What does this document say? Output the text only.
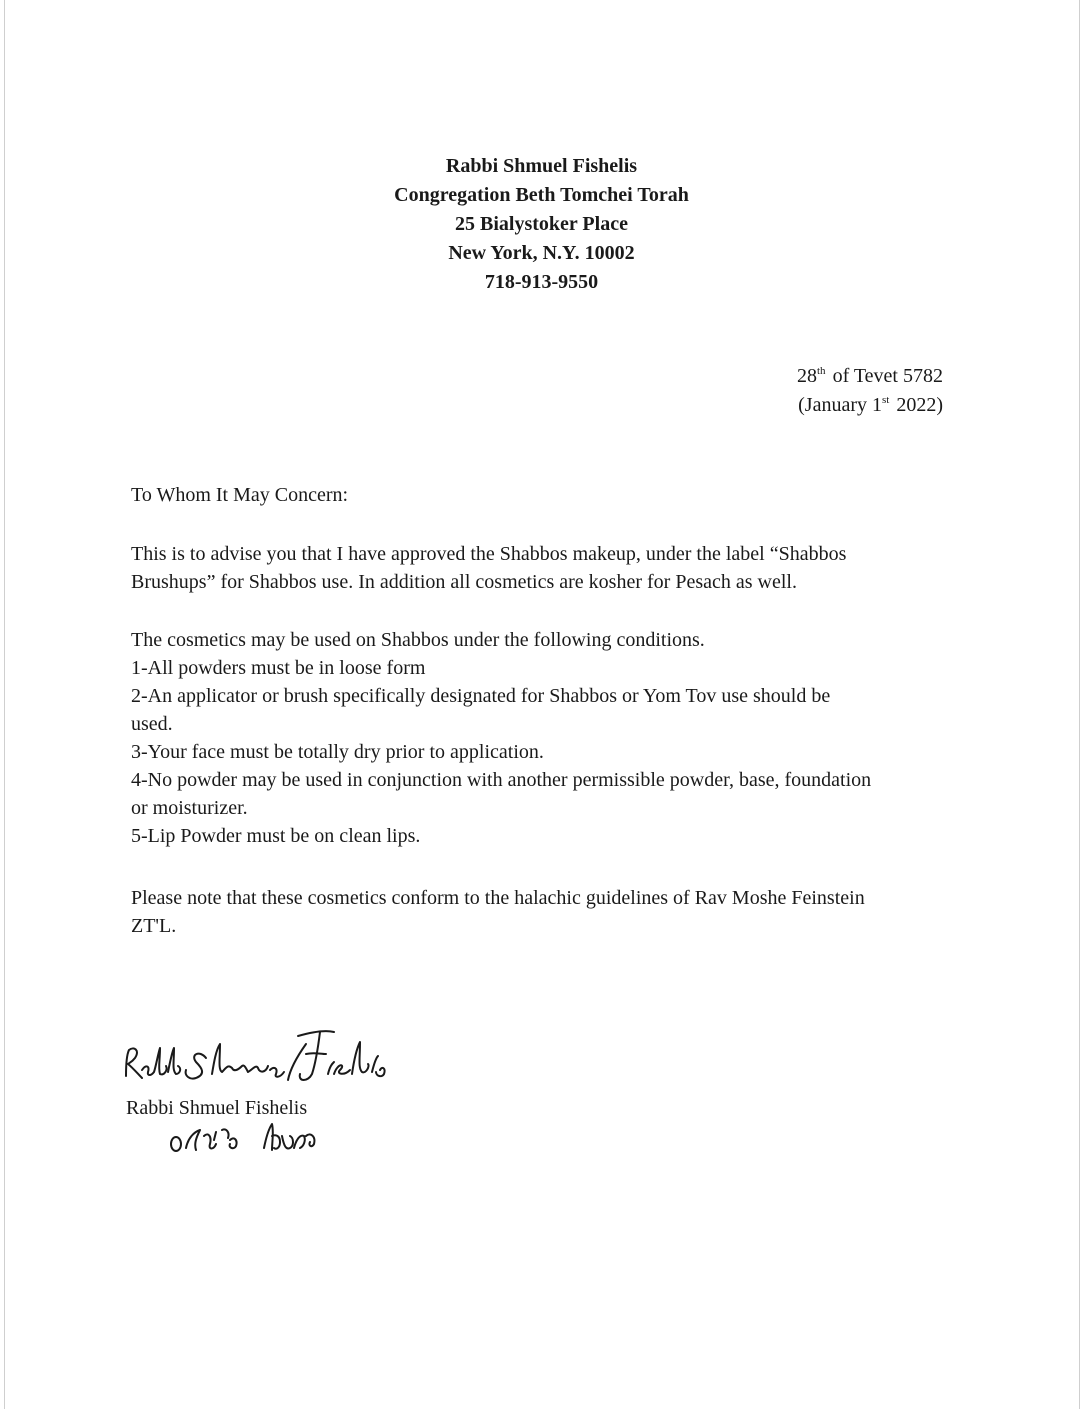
Rabbi Shmuel Fishelis
Congregation Beth Tomchei Torah
25 Bialystoker Place
New York, N.Y. 10002
718-913-9550
28th of Tevet 5782
(January 1st 2022)
To Whom It May Concern:
This is to advise you that I have approved the Shabbos makeup, under the label “Shabbos
Brushups” for Shabbos use. In addition all cosmetics are kosher for Pesach as well.
The cosmetics may be used on Shabbos under the following conditions.
1-All powders must be in loose form
2-An applicator or brush specifically designated for Shabbos or Yom Tov use should be
used.
3-Your face must be totally dry prior to application.
4-No powder may be used in conjunction with another permissible powder, base, foundation
or moisturizer.
5-Lip Powder must be on clean lips.
Please note that these cosmetics conform to the halachic guidelines of Rav Moshe Feinstein
ZT'L.
Rabbi Shmuel Fishelis
